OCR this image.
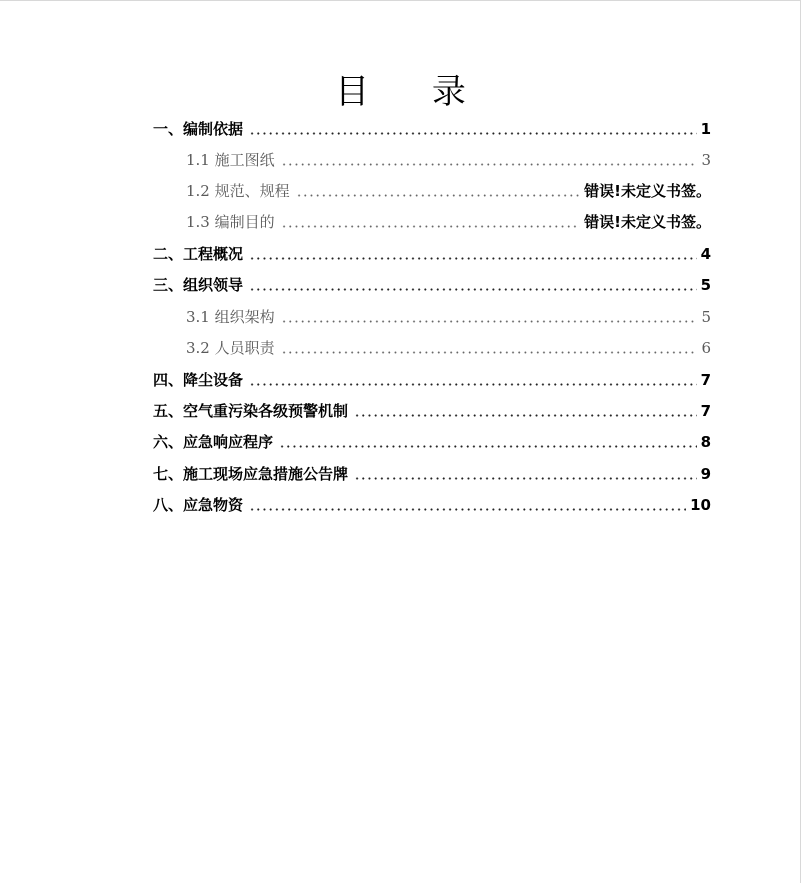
目 录
一、编制依据	1
1.1 施工图纸	3
1.2 规范、规程	错误!未定义书签。
1.3 编制目的	错误!未定义书签。
二、工程概况	4
三、组织领导	5
3.1 组织架构	5
3.2 人员职责	6
四、降尘设备	7
五、空气重污染各级预警机制	7
六、应急响应程序	8
七、施工现场应急措施公告牌	9
八、应急物资	10
